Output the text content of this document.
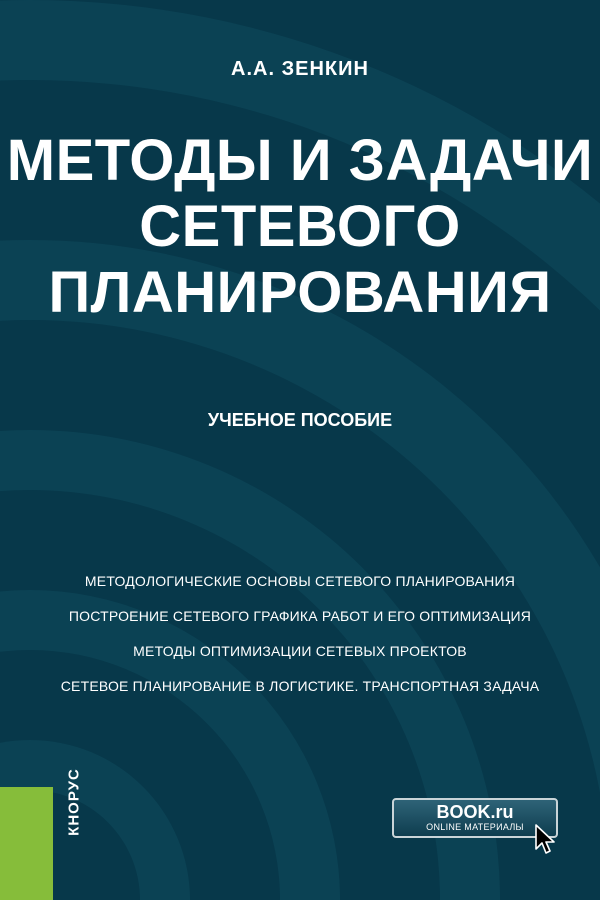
А.А. ЗЕНКИН
МЕТОДЫ И ЗАДАЧИ
СЕТЕВОГО
ПЛАНИРОВАНИЯ
УЧЕБНОЕ ПОСОБИЕ
МЕТОДОЛОГИЧЕСКИЕ ОСНОВЫ СЕТЕВОГО ПЛАНИРОВАНИЯ
ПОСТРОЕНИЕ СЕТЕВОГО ГРАФИКА РАБОТ И ЕГО ОПТИМИЗАЦИЯ
МЕТОДЫ ОПТИМИЗАЦИИ СЕТЕВЫХ ПРОЕКТОВ
СЕТЕВОЕ ПЛАНИРОВАНИЕ В ЛОГИСТИКЕ. ТРАНСПОРТНАЯ ЗАДАЧА
КНОРУС	BOOK.ru
ONLINE МАТЕРИАЛЫ
